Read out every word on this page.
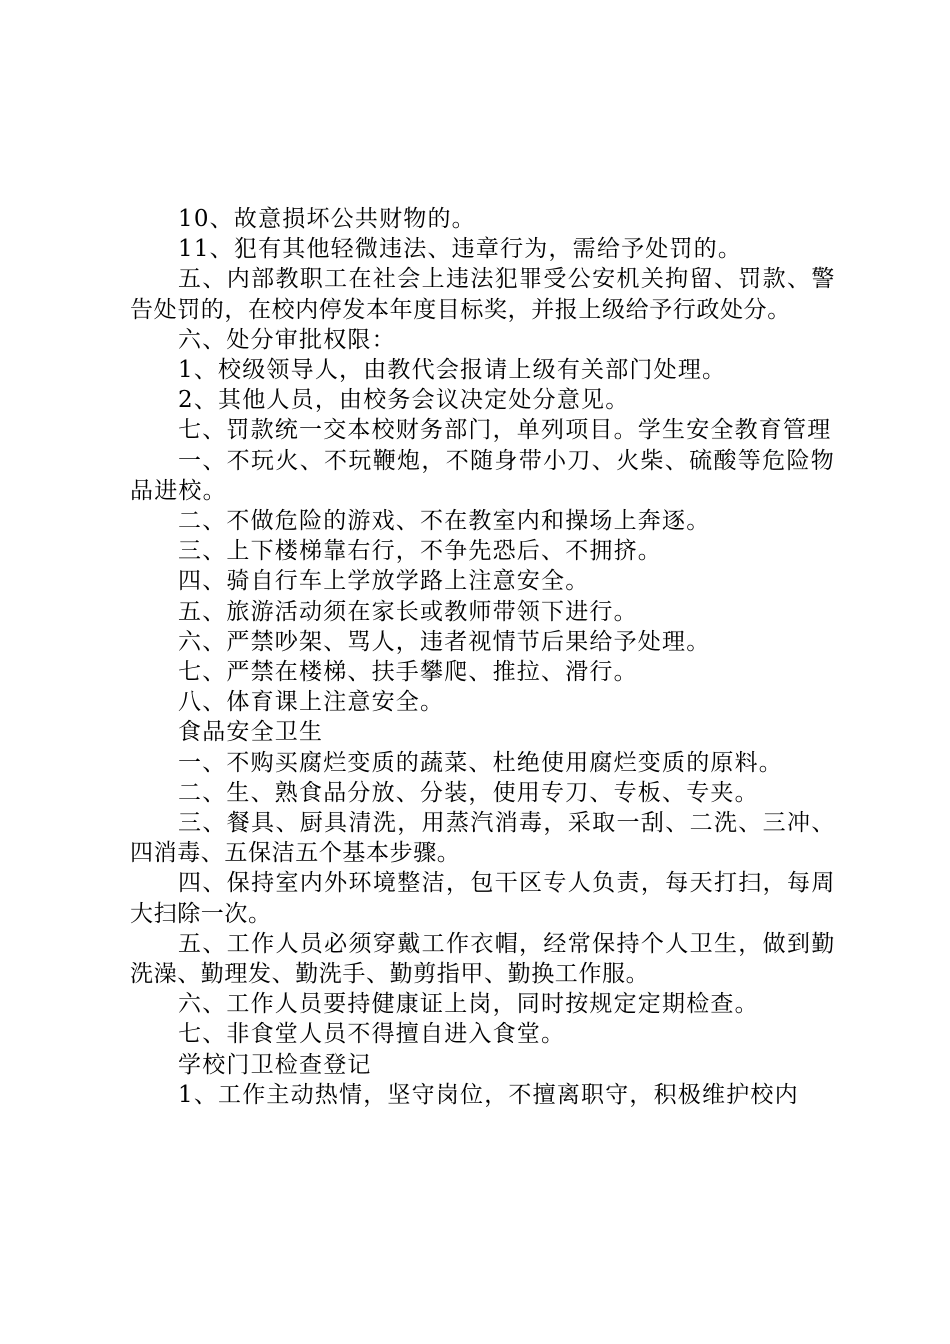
10、故意损坏公共财物的。

11、犯有其他轻微违法、违章行为，需给予处罚的。

五、内部教职工在社会上违法犯罪受公安机关拘留、罚款、警告处罚的，在校内停发本年度目标奖，并报上级给予行政处分。

六、处分审批权限：

1、校级领导人，由教代会报请上级有关部门处理。

2、其他人员，由校务会议决定处分意见。

七、罚款统一交本校财务部门，单列项目。学生安全教育管理

一、不玩火、不玩鞭炮，不随身带小刀、火柴、硫酸等危险物品进校。

二、不做危险的游戏、不在教室内和操场上奔逐。

三、上下楼梯靠右行，不争先恐后、不拥挤。

四、骑自行车上学放学路上注意安全。

五、旅游活动须在家长或教师带领下进行。

六、严禁吵架、骂人，违者视情节后果给予处理。

七、严禁在楼梯、扶手攀爬、推拉、滑行。

八、体育课上注意安全。

食品安全卫生

一、不购买腐烂变质的蔬菜、杜绝使用腐烂变质的原料。

二、生、熟食品分放、分装，使用专刀、专板、专夹。

三、餐具、厨具清洗，用蒸汽消毒，采取一刮、二洗、三冲、四消毒、五保洁五个基本步骤。

四、保持室内外环境整洁，包干区专人负责，每天打扫，每周大扫除一次。

五、工作人员必须穿戴工作衣帽，经常保持个人卫生，做到勤洗澡、勤理发、勤洗手、勤剪指甲、勤换工作服。

六、工作人员要持健康证上岗，同时按规定定期检查。

七、非食堂人员不得擅自进入食堂。

学校门卫检查登记

1、工作主动热情，坚守岗位，不擅离职守，积极维护校内
